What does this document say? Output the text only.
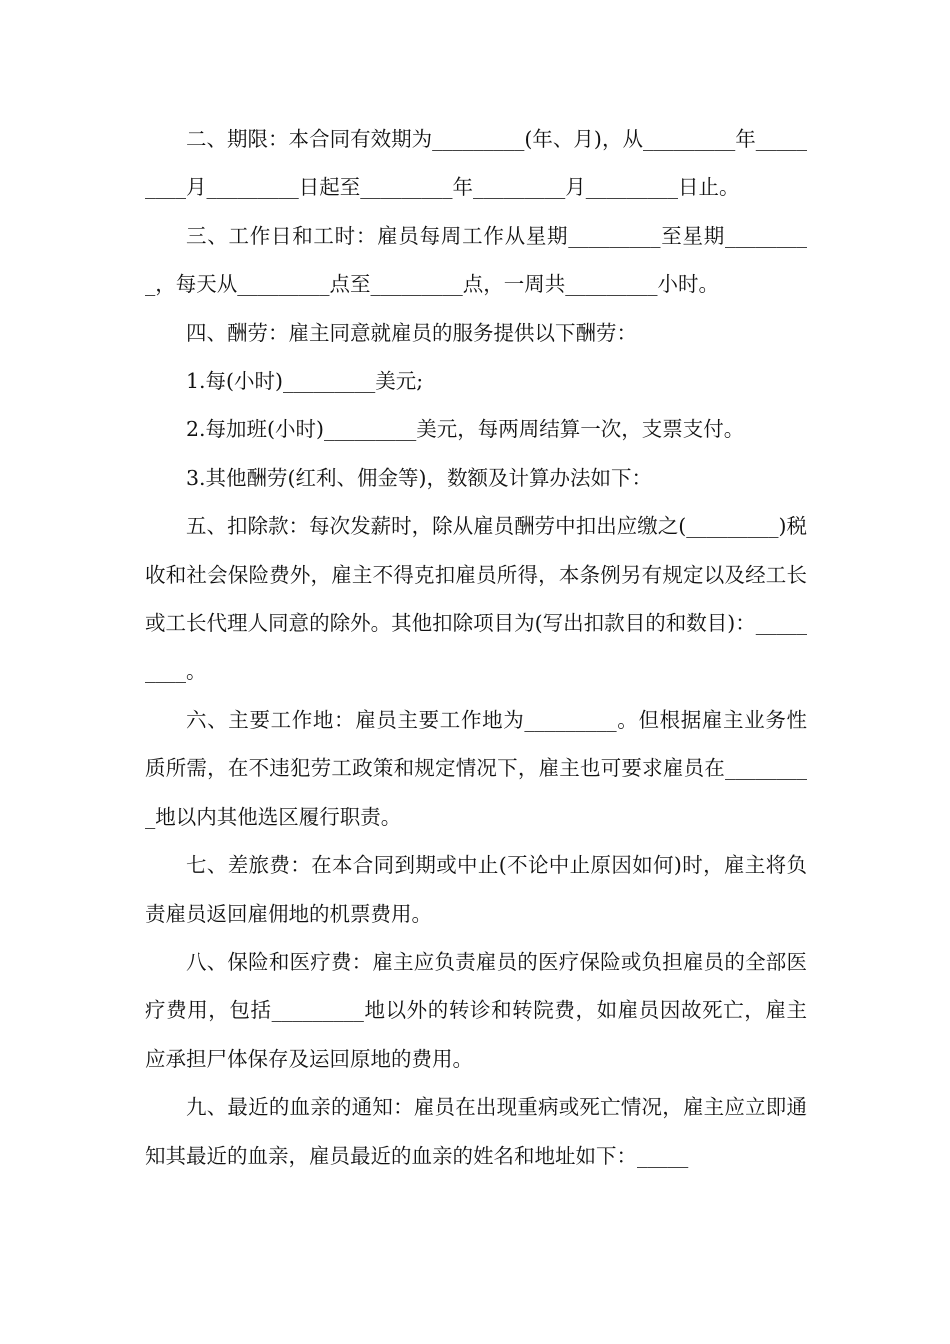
二、期限：本合同有效期为_________(年、月)，从_________年_________月_________日起至_________年_________月_________日止。

三、工作日和工时：雇员每周工作从星期_________至星期_________，每天从_________点至_________点，一周共_________小时。

四、酬劳：雇主同意就雇员的服务提供以下酬劳：

1.每(小时)_________美元;

2.每加班(小时)_________美元，每两周结算一次，支票支付。

3.其他酬劳(红利、佣金等)，数额及计算办法如下：

五、扣除款：每次发薪时，除从雇员酬劳中扣出应缴之(_________)税收和社会保险费外，雇主不得克扣雇员所得，本条例另有规定以及经工长或工长代理人同意的除外。其他扣除项目为(写出扣款目的和数目)：_________。

六、主要工作地：雇员主要工作地为_________。但根据雇主业务性质所需，在不违犯劳工政策和规定情况下，雇主也可要求雇员在_________地以内其他选区履行职责。

七、差旅费：在本合同到期或中止(不论中止原因如何)时，雇主将负责雇员返回雇佣地的机票费用。

八、保险和医疗费：雇主应负责雇员的医疗保险或负担雇员的全部医疗费用，包括_________地以外的转诊和转院费，如雇员因故死亡，雇主应承担尸体保存及运回原地的费用。

九、最近的血亲的通知：雇员在出现重病或死亡情况，雇主应立即通知其最近的血亲，雇员最近的血亲的姓名和地址如下：_____
